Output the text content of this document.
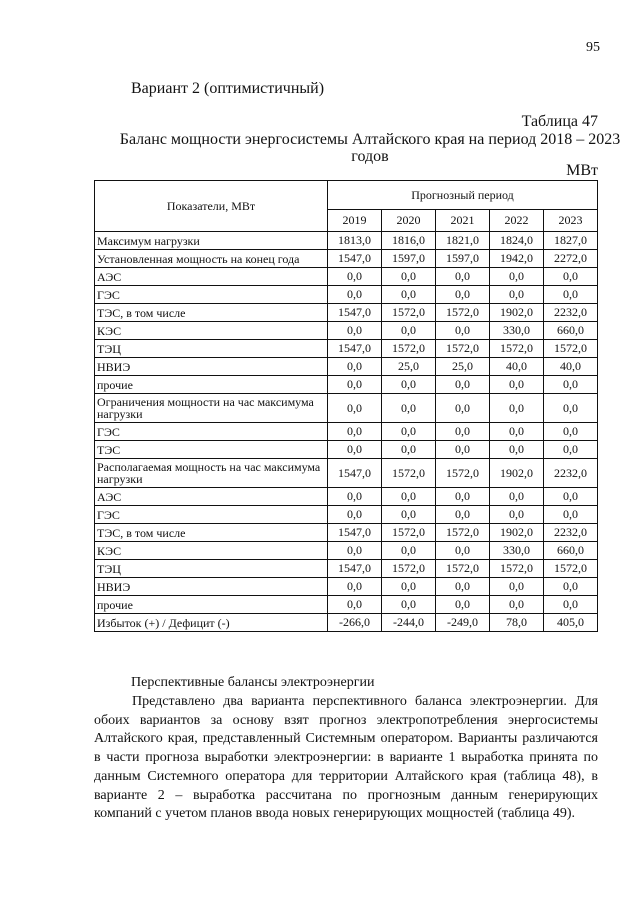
95
Вариант 2 (оптимистичный)
Таблица 47
Баланс мощности энергосистемы Алтайского края на период 2018 – 2023 годов
МВт
Показатели, МВт	Прогнозный период				
	2019	2020	2021	2022	2023
Максимум нагрузки	1813,0	1816,0	1821,0	1824,0	1827,0
Установленная мощность на конец года	1547,0	1597,0	1597,0	1942,0	2272,0
АЭС	0,0	0,0	0,0	0,0	0,0
ГЭС	0,0	0,0	0,0	0,0	0,0
ТЭС, в том числе	1547,0	1572,0	1572,0	1902,0	2232,0
КЭС	0,0	0,0	0,0	330,0	660,0
ТЭЦ	1547,0	1572,0	1572,0	1572,0	1572,0
НВИЭ	0,0	25,0	25,0	40,0	40,0
прочие	0,0	0,0	0,0	0,0	0,0
Ограничения мощности на час максимума нагрузки	0,0	0,0	0,0	0,0	0,0
ГЭС	0,0	0,0	0,0	0,0	0,0
ТЭС	0,0	0,0	0,0	0,0	0,0
Располагаемая мощность на час максимума нагрузки	1547,0	1572,0	1572,0	1902,0	2232,0
АЭС	0,0	0,0	0,0	0,0	0,0
ГЭС	0,0	0,0	0,0	0,0	0,0
ТЭС, в том числе	1547,0	1572,0	1572,0	1902,0	2232,0
КЭС	0,0	0,0	0,0	330,0	660,0
ТЭЦ	1547,0	1572,0	1572,0	1572,0	1572,0
НВИЭ	0,0	0,0	0,0	0,0	0,0
прочие	0,0	0,0	0,0	0,0	0,0
Избыток (+) / Дефицит (-)	-266,0	-244,0	-249,0	78,0	405,0
Перспективные балансы электроэнергии

Представлено два варианта перспективного баланса электроэнергии. Для обоих вариантов за основу взят прогноз электропотребления энергосистемы Алтайского края, представленный Системным оператором. Варианты различаются в части прогноза выработки электроэнергии: в варианте 1 выработка принята по данным Системного оператора для территории Алтайского края (таблица 48), в варианте 2 – выработка рассчитана по прогнозным данным генерирующих компаний с учетом планов ввода новых генерирующих мощностей (таблица 49).
